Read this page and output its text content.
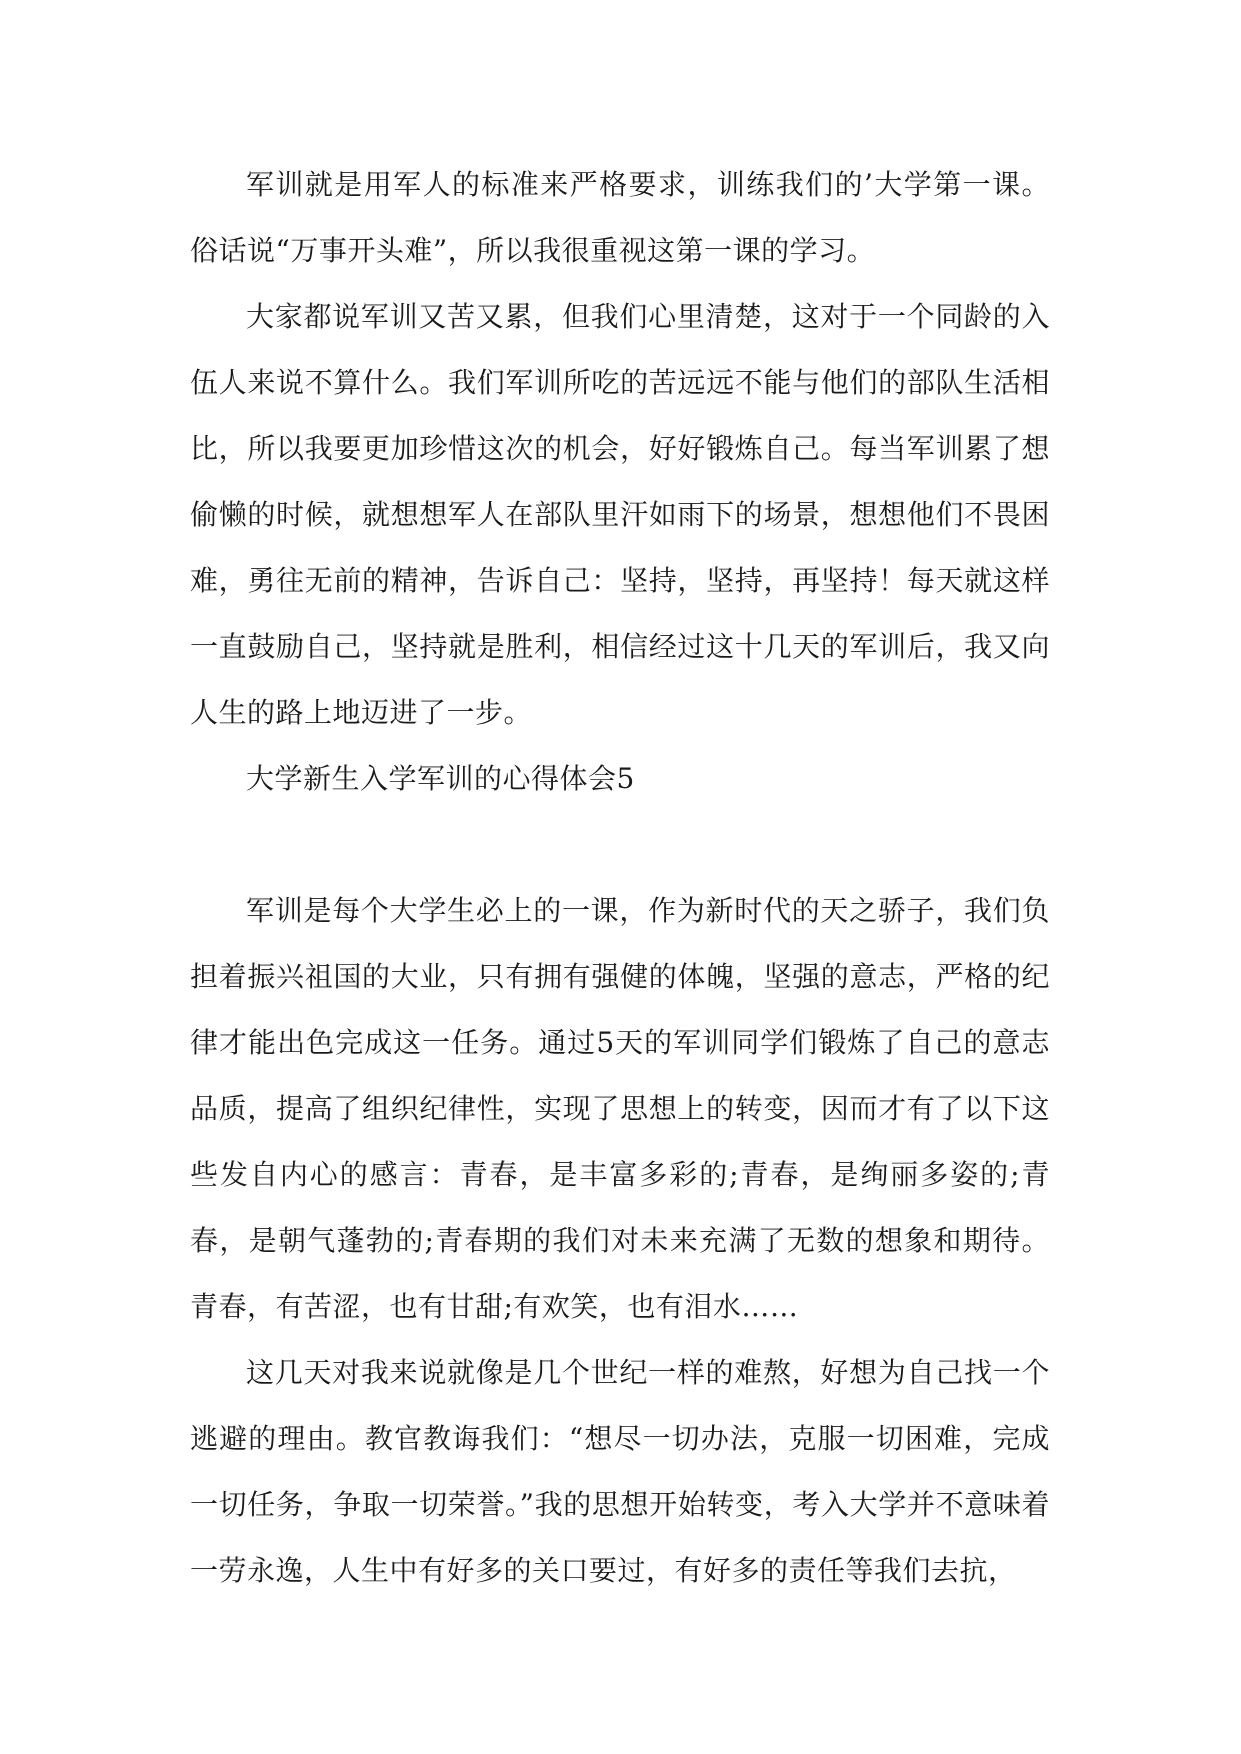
军训就是用军人的标准来严格要求，训练我们的’大学第一课。俗话说“万事开头难”，所以我很重视这第一课的学习。

大家都说军训又苦又累，但我们心里清楚，这对于一个同龄的入伍人来说不算什么。我们军训所吃的苦远远不能与他们的部队生活相比，所以我要更加珍惜这次的机会，好好锻炼自己。每当军训累了想偷懒的时候，就想想军人在部队里汗如雨下的场景，想想他们不畏困难，勇往无前的精神，告诉自己：坚持，坚持，再坚持！每天就这样一直鼓励自己，坚持就是胜利，相信经过这十几天的军训后，我又向人生的路上地迈进了一步。

大学新生入学军训的心得体会5

军训是每个大学生必上的一课，作为新时代的天之骄子，我们负担着振兴祖国的大业，只有拥有强健的体魄，坚强的意志，严格的纪律才能出色完成这一任务。通过5天的军训同学们锻炼了自己的意志品质，提高了组织纪律性，实现了思想上的转变，因而才有了以下这些发自内心的感言：青春，是丰富多彩的;青春，是绚丽多姿的;青春，是朝气蓬勃的;青春期的我们对未来充满了无数的想象和期待。青春，有苦涩，也有甘甜;有欢笑，也有泪水……

这几天对我来说就像是几个世纪一样的难熬，好想为自己找一个逃避的理由。教官教诲我们：“想尽一切办法，克服一切困难，完成一切任务，争取一切荣誉。”我的思想开始转变，考入大学并不意味着一劳永逸，人生中有好多的关口要过，有好多的责任等我们去抗，
